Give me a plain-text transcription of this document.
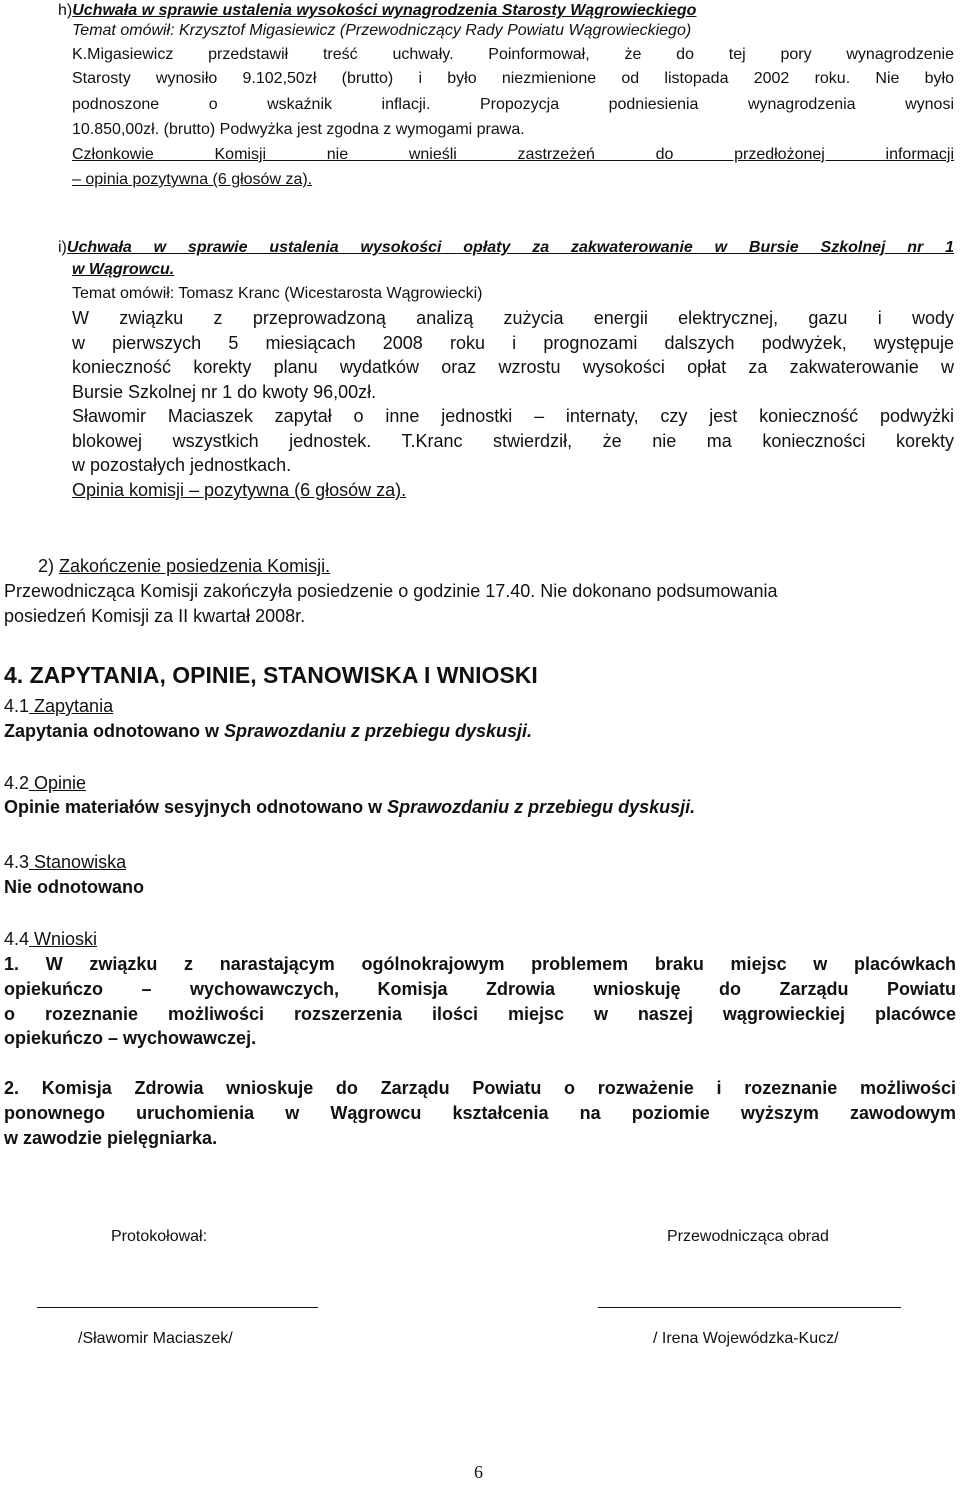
h)Uchwała w sprawie ustalenia wysokości wynagrodzenia Starosty Wągrowieckiego
Temat omówił: Krzysztof Migasiewicz (Przewodniczący Rady Powiatu Wągrowieckiego)
K.Migasiewicz przedstawił treść uchwały. Poinformował, że do tej pory wynagrodzenie
Starosty wynosiło 9.102,50zł (brutto) i było niezmienione od listopada 2002 roku. Nie było
podnoszone o wskaźnik inflacji. Propozycja podniesienia wynagrodzenia wynosi
10.850,00zł. (brutto) Podwyżka jest zgodna z wymogami prawa.
Członkowie Komisji nie wnieśli zastrzeżeń do przedłożonej informacji
– opinia pozytywna (6 głosów za).
i)Uchwała w sprawie ustalenia wysokości opłaty za zakwaterowanie w Bursie Szkolnej nr 1
w Wągrowcu.
Temat omówił: Tomasz Kranc (Wicestarosta Wągrowiecki)
W związku z przeprowadzoną analizą zużycia energii elektrycznej, gazu i wody
w pierwszych 5 miesiącach 2008 roku i prognozami dalszych podwyżek, występuje
konieczność korekty planu wydatków oraz wzrostu wysokości opłat za zakwaterowanie w
Bursie Szkolnej nr 1 do kwoty 96,00zł.
Sławomir Maciaszek zapytał o inne jednostki – internaty, czy jest konieczność podwyżki
blokowej wszystkich jednostek. T.Kranc stwierdził, że nie ma konieczności korekty
w pozostałych jednostkach.
Opinia komisji – pozytywna (6 głosów za).
2) Zakończenie posiedzenia Komisji.
Przewodnicząca Komisji zakończyła posiedzenie o godzinie 17.40. Nie dokonano podsumowania
posiedzeń Komisji za II kwartał 2008r.
4. ZAPYTANIA, OPINIE, STANOWISKA I WNIOSKI
4.1 Zapytania
Zapytania odnotowano w Sprawozdaniu z przebiegu dyskusji.
4.2 Opinie
Opinie materiałów sesyjnych odnotowano w Sprawozdaniu z przebiegu dyskusji.
4.3 Stanowiska
Nie odnotowano
4.4 Wnioski
1. W związku z narastającym ogólnokrajowym problemem braku miejsc w placówkach
opiekuńczo – wychowawczych, Komisja Zdrowia wnioskuję do Zarządu Powiatu
o rozeznanie możliwości rozszerzenia ilości miejsc w naszej wągrowieckiej placówce
opiekuńczo – wychowawczej.
2. Komisja Zdrowia wnioskuje do Zarządu Powiatu o rozważenie i rozeznanie możliwości
ponownego uruchomienia w Wągrowcu kształcenia na poziomie wyższym zawodowym
w zawodzie pielęgniarka.
Protokołował:	Przewodnicząca obrad
/Sławomir Maciaszek/	/ Irena Wojewódzka-Kucz/
6
